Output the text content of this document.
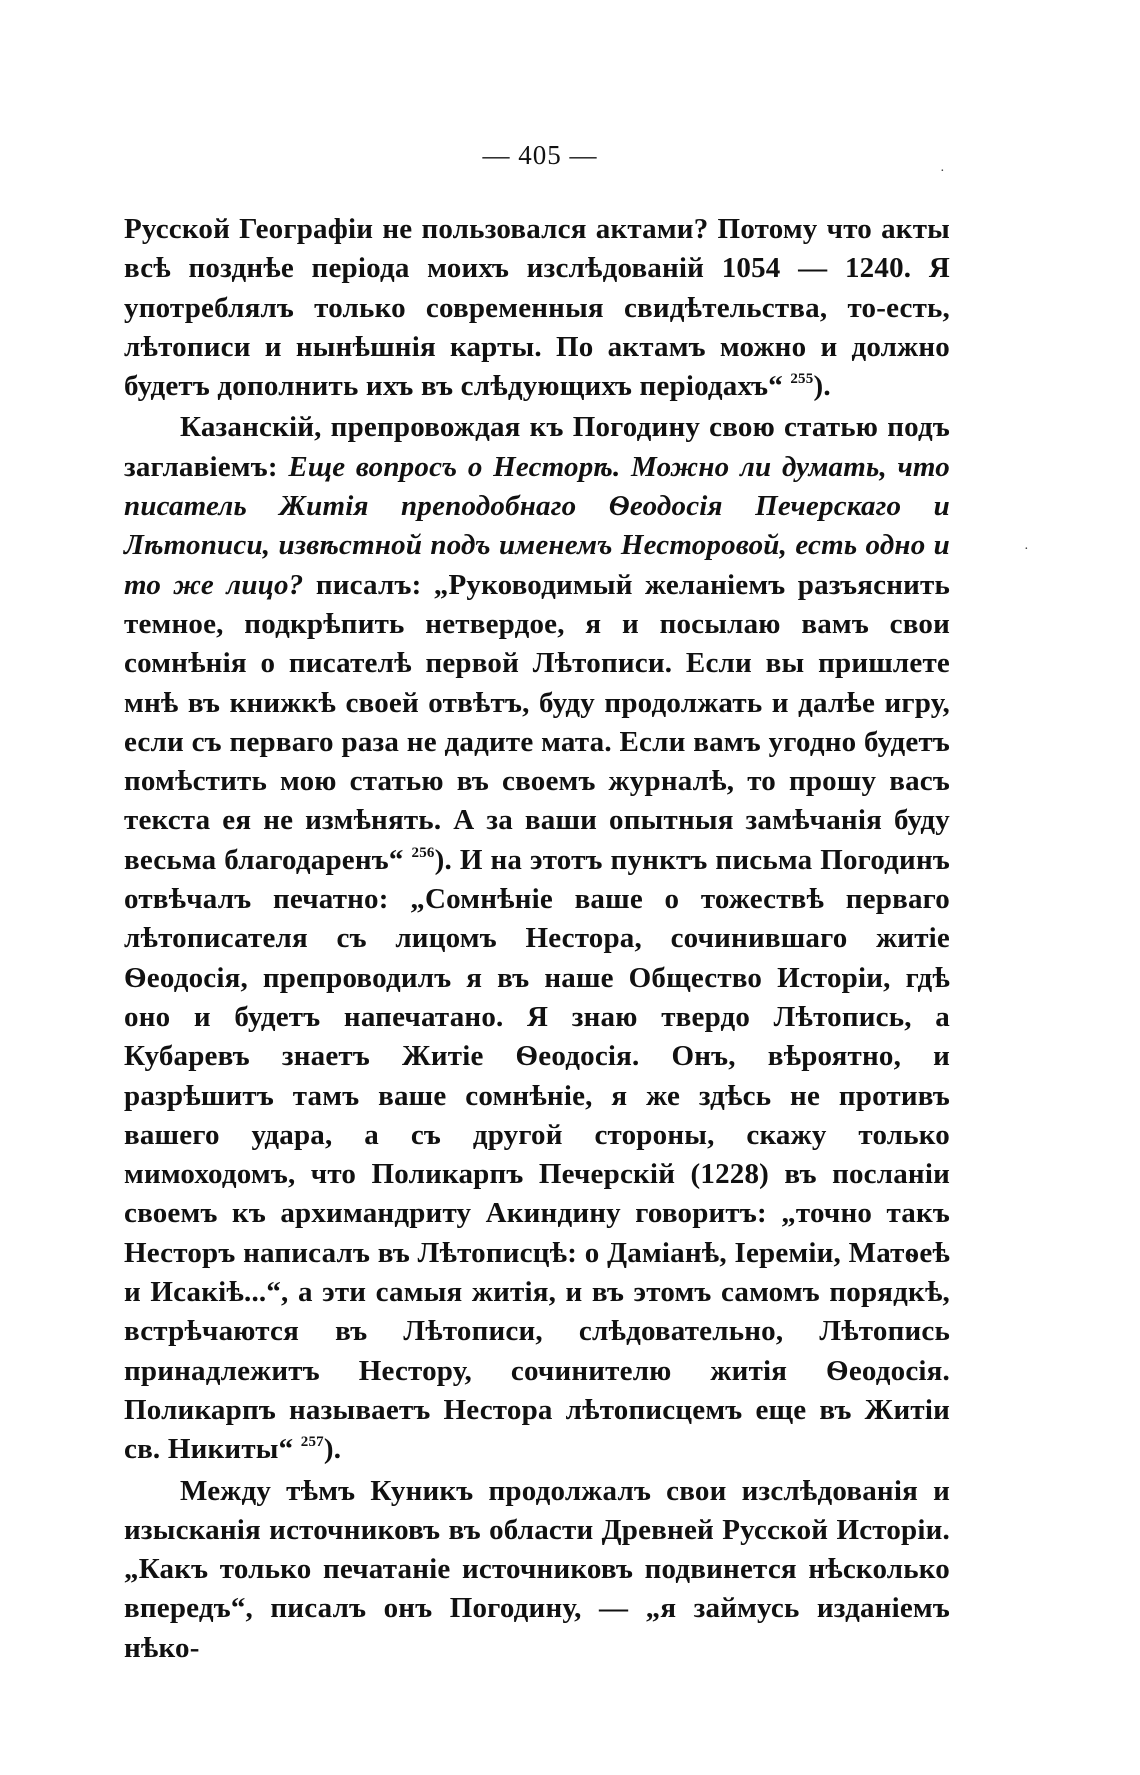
— 405 —

Русской Географіи не пользовался актами? Потому что акты всѣ позднѣе періода моихъ изслѣдованій 1054 — 1240. Я употреблялъ только современныя свидѣтельства, то-есть, лѣтописи и нынѣшнія карты. По актамъ можно и должно будетъ дополнить ихъ въ слѣдующихъ періодахъ“ $^{255}$).

Казанскій, препровождая къ Погодину свою статью подъ заглавіемъ: Еще вопросъ о Несторѣ. Можно ли думать, что писатель Житія преподобнаго Ѳеодосія Печерскаго и Лѣтописи, извѣстной подъ именемъ Несторовой, есть одно и то же лицо? писалъ: „Руководимый желаніемъ разъяснить темное, подкрѣпить нетвердое, я и посылаю вамъ свои сомнѣнія о писателѣ первой Лѣтописи. Если вы пришлете мнѣ въ книжкѣ своей отвѣтъ, буду продолжать и далѣе игру, если съ перваго раза не дадите мата. Если вамъ угодно будетъ помѣстить мою статью въ своемъ журналѣ, то прошу васъ текста ея не измѣнять. А за ваши опытныя замѣчанія буду весьма благодаренъ“ $^{256}$). И на этотъ пунктъ письма Погодинъ отвѣчалъ печатно: „Сомнѣніе ваше о тожествѣ перваго лѣтописателя съ лицомъ Нестора, сочинившаго житіе Ѳеодосія, препроводилъ я въ наше Общество Исторіи, гдѣ оно и будетъ напечатано. Я знаю твердо Лѣтопись, а Кубаревъ знаетъ Житіе Ѳеодосія. Онъ, вѣроятно, и разрѣшитъ тамъ ваше сомнѣніе, я же здѣсь не противъ вашего удара, а съ другой стороны, скажу только мимоходомъ, что Поликарпъ Печерскій (1228) въ посланіи своемъ къ архимандриту Акиндину говоритъ: „точно такъ Несторъ написалъ въ Лѣтописцѣ: о Даміанѣ, Іереміи, Матѳеѣ и Исакіѣ...“, а эти самыя житія, и въ этомъ самомъ порядкѣ, встрѣчаются въ Лѣтописи, слѣдовательно, Лѣтопись принадлежитъ Нестору, сочинителю житія Ѳеодосія. Поликарпъ называетъ Нестора лѣтописцемъ еще въ Житіи св. Никиты“ $^{257}$).

Между тѣмъ Куникъ продолжалъ свои изслѣдованія и изысканія источниковъ въ области Древней Русской Исторіи. „Какъ только печатаніе источниковъ подвинется нѣсколько впередъ“, писалъ онъ Погодину, — „я займусь изданіемъ нѣко-

·
·
